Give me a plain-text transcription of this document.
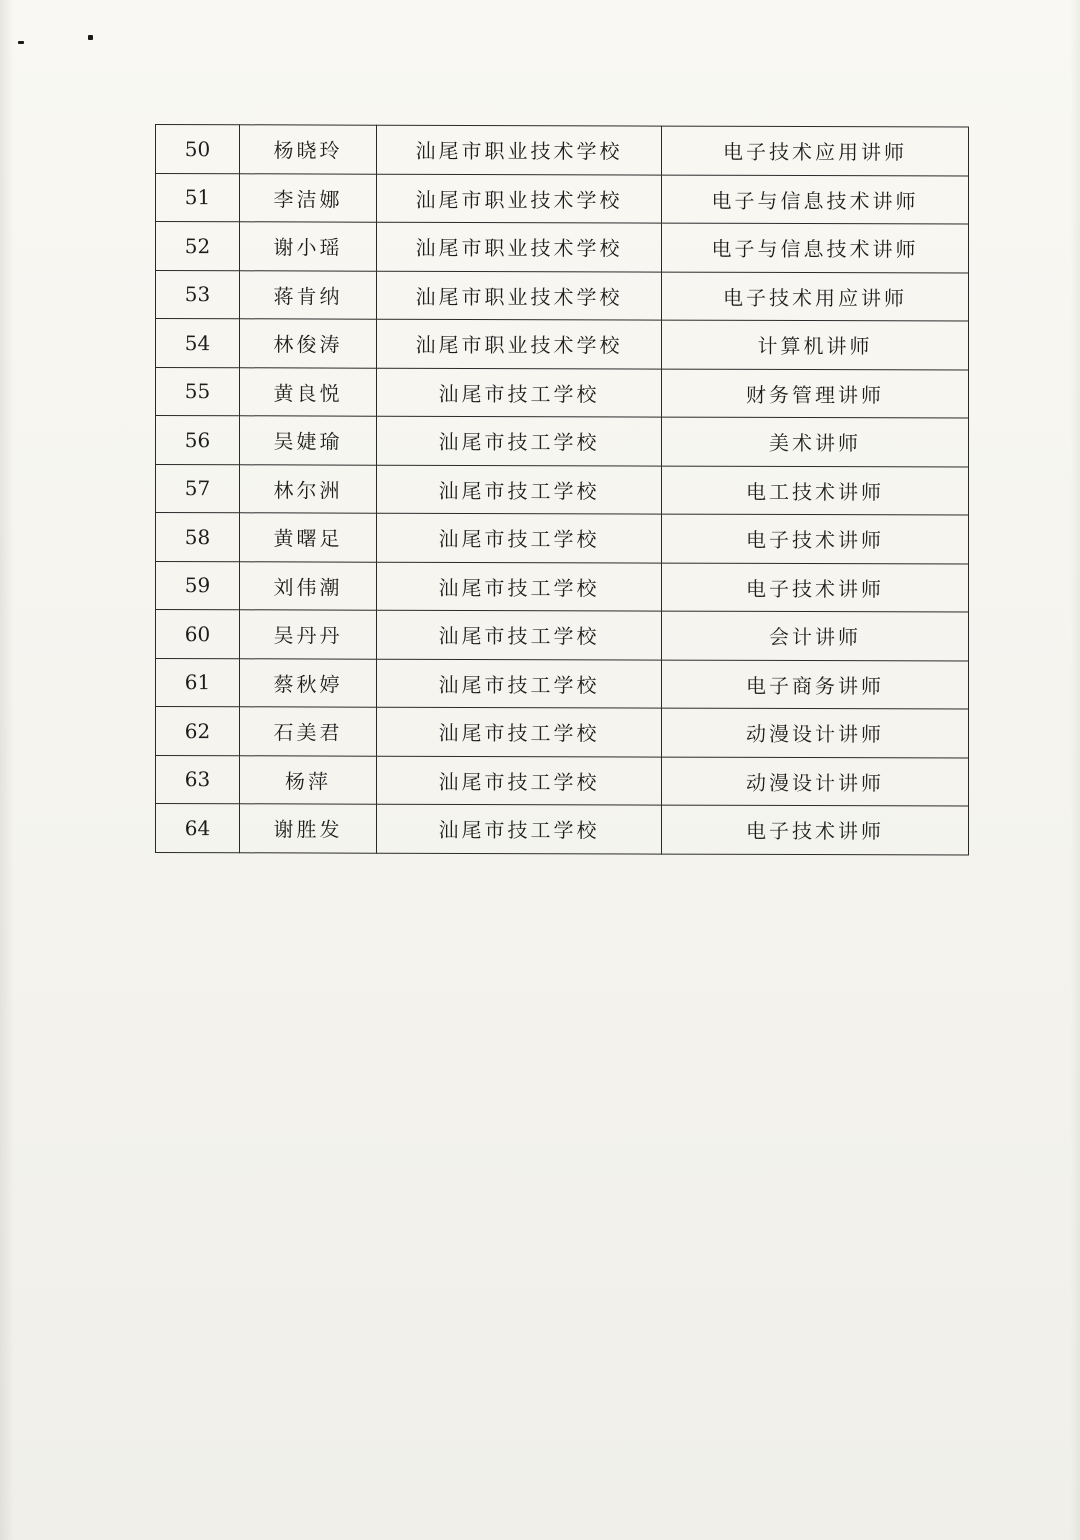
50	杨晓玲	汕尾市职业技术学校	电子技术应用讲师
51	李洁娜	汕尾市职业技术学校	电子与信息技术讲师
52	谢小瑶	汕尾市职业技术学校	电子与信息技术讲师
53	蒋肯纳	汕尾市职业技术学校	电子技术用应讲师
54	林俊涛	汕尾市职业技术学校	计算机讲师
55	黄良悦	汕尾市技工学校	财务管理讲师
56	吴婕瑜	汕尾市技工学校	美术讲师
57	林尔洲	汕尾市技工学校	电工技术讲师
58	黄曙足	汕尾市技工学校	电子技术讲师
59	刘伟潮	汕尾市技工学校	电子技术讲师
60	吴丹丹	汕尾市技工学校	会计讲师
61	蔡秋婷	汕尾市技工学校	电子商务讲师
62	石美君	汕尾市技工学校	动漫设计讲师
63	杨萍	汕尾市技工学校	动漫设计讲师
64	谢胜发	汕尾市技工学校	电子技术讲师
